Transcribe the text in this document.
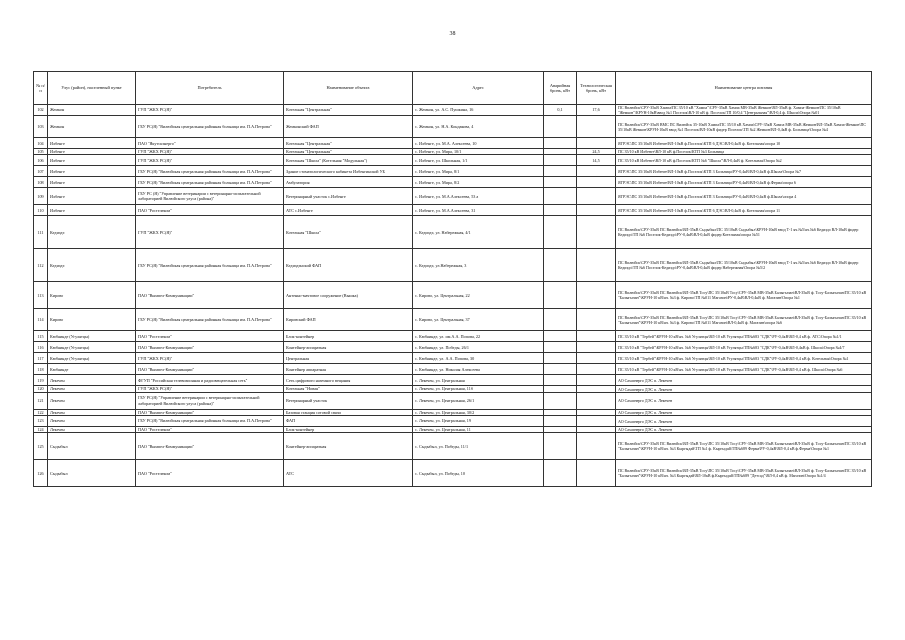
38
№ п/п	Улус (район), населенный пункт	Потребитель	Наименование объекта	Адрес	Аварийная бронь, кВт	Технологическая бронь, кВт	Наименование центра питания
102	Жемкон	ГУП "ЖКХ РС(Я)"	Котельная "Центральная"	с. Жемкон, ул. А.С. Пушкина, 16	0,1	17,6	ПС Вилюйск\СРУ-35кВ Хампа\ПС 35/10 кВ "Хампа"\СРУ-35кВ Хампа МВ-35кВ Жемкон\ВЛ-35кВ ф. Хампа-Жемкон\ПС 35/10кВ "Жемкон"\КРУН-10кВ\ввод №1 Поселок\ВЛ-10 кВ ф. Поселок\ТП 10/0,4 "Центральная"\ВЛ-0,4 ф. Школа\Опора №01
103	Жемкон	ГБУ РС(Я) "Вилюйская центральная районная больница им. П.А.Петрова"	Жемконский ФАП	с. Жемкон, ул. Н.А. Кондакова, 4			ПС Вилюйск\СРУ-35кВ ВМС ПС Вилюйск 35-10кВ Хампа\ПС 35/10 кВ Хампа\СРУ-35кВ Хампа МВ-35кВ Жемкон\ВЛ-35кВ Хампа-Жемкон\ПС 35/10кВ Жемкон\КРУН-10кВ ввод №1 Поселок\ВЛ-10кВ фидер Поселок\ТП №2 Жемкон\ВЛ-0,4кВ ф. Больница\Опора №4
104	Илбенге	ПАО "Якутскэнерго"	Котельная "Центральная"	с. Илбенге, ул. М.А. Алексеева, 10			ЯГРЭС\ПС 35/10кВ Илбенге\ВЛ-10кВ ф.Поселок\КТП 6 ДЭС\ВЛ-0,4кВ ф. Котельная\опора 10
105	Илбенге	ГУП "ЖКХ РС(Я)"	Котельная "Центральная"	с. Илбенге, ул. Мира, 10/1		24,5	ПС 35/10 кВ Илбенге\ВЛ-10 кВ ф.Поселок\КТП №3 Больница
106	Илбенге	ГУП "ЖКХ РС(Я)"	Котельная "Школа" (Котельная "Модульная")	с. Илбенге, ул. Школьная, 1/1		14,5	ПС 35/10 кВ Илбенге\ВЛ-10 кВ ф.Поселок\КТП №6 "Школа"\ВЛ-0,4кВ ф. Котельная\Опора №2
107	Илбенге	ГБУ РС(Я) "Вилюйская центральная районная больница им. П.А.Петрова"	Здание стоматологического кабинета Илбенгинской УБ	с. Илбенге, ул. Мира, 8/1			ЯГРЭС\ПС 35/10кВ Илбенге\ВЛ-10кВ ф.Поселок\КТП 3 Больница\РУ-0,4кВ\ВЛ-0,4кВ ф.Школа\Опора №7
108	Илбенге	ГБУ РС(Я) "Вилюйская центральная районная больница им. П.А.Петрова"	Амбулатория	с. Илбенге, ул. Мира, 8/2			ЯГРЭС\ПС 35/10кВ Илбенге\ВЛ-10кВ ф.Поселок\КТП 3 Больница\РУ-0,4кВ\ВЛ-0,4кВ ф.Ферма\опора 6
109	Илбенге	ГБУ РС (Я) "Управление ветеринарии с ветеринарно-испытательной лабораторией Вилюйского улуса (района)"	Ветеринарный участок с.Илбенге	с. Илбенге, ул. М.А.Алексеева, 53 а			ЯГРЭС\ПС 35/10кВ Илбенге\ВЛ-10кВ ф.Поселок\КТП 3 Больница\РУ-0,4кВ\ВЛ-0,4кВ ф.Школа\опора 4
110	Илбенге	ПАО "Ростелеком"	АТС с.Илбенге	с. Илбенге, ул. М.А.Алексеева, 31			ЯГРЭС\ПС 35/10кВ Илбенге\ВЛ-10кВ ф.Поселок\КТП 6 ДЭС\ВЛ-0,4кВ ф. Котельная\опора 11
111	Кедиэдэ	ГУП "ЖКХ РС(Я)"	Котельная "Школа"	с. Кедиэдэ, ул. Набережная, 4/1			ПС Вилюйск\СРУ-35кВ ПС Вилюйск\ВЛ-35кВ Сыдыбыл\ПС 35/10кВ Сыдыбыл\КРУН-10кВ ввод Т-1 яч.№5\яч.№6 Кедиэдэ ВЛ-10кВ фидер Кедиэдэ\ТП №6 Поселок-Кедиэдэ\РУ-0,4кВ\ВЛ-0,4кВ фидер Котельная\опора №51
112	Кедиэдэ	ГБУ РС(Я) "Вилюйская центральная районная больница им. П.А.Петрова"	Кедиэдэнский ФАП	с. Кедиэдэ, ул.Набережная, 3			ПС Вилюйск\СРУ-35кВ ПС Вилюйск\ВЛ-35кВ Сыдыбыл\ПС 35/10кВ Сыдыбыл\КРУН-10кВ ввод Т-1 яч.№5\яч.№6 Кедиэдэ ВЛ-10кВ фидер Кедиэдэ\ТП №6 Поселок-Кедиэдэ\РУ-0,4кВ\ВЛ-0,4кВ фидер Набережная\Опора №5/2
113	Кирово	ПАО "Вымпел-Коммуникации"	Антенно-мачтовое сооружение (Вышка)	с. Кирово, ул. Центральная, 22			ПС Вилюйск\СРУ-35кВ ПС Вилюйск\ВЛ-35кВ Тосу\ПС 35/10кВ Тосу\СРУ-35кВ МВ-35кВ Балыгычан\ВЛ-35кВ ф. Тосу-Балыгычан\ПС 35/10 кВ "Балыгычан"\КРУН-10 кВ\яч. №3 ф. Кирово\ТП №011 Магазин\РУ-0,4кВ\ВЛ-0,4кВ ф. Магазин\Опора №1
114	Кирово	ГБУ РС(Я) "Вилюйская центральная районная больница им. П.А.Петрова"	Кировский ФАП	с. Кирово, ул. Центральная, 37			ПС Вилюйск\СРУ-35кВ ПС Вилюйск\ВЛ-35кВ Тосу\ПС 35/10кВ Тосу\СРУ-35кВ МВ-35кВ Балыгычан\ВЛ-35кВ ф. Тосу-Балыгычан\ПС 35/10 кВ "Балыгычан"\КРУН-10 кВ\яч. №3 ф. Кирово\ТП №011 Магазин\ВЛ-0,4кВ ф. Магазин\опора №6
115	Кюбяинде (Угулятцы)	ПАО "Ростелеком"	Блок-контейнер	с. Кюбяинде, ул. им.А.А. Попова, 22			ПС 35/10 кВ "Тербей"\КРУН-10 кВ\яч. №6 Угулятцы\ВЛ-10 кВ Угулятцы\ТП№683 "СДК"\РУ-0,4кВ\ВЛ-0,4 кВ ф. АТС\Опора №1/1
116	Кюбяинде (Угулятцы)	ПАО "Вымпел-Коммуникации"	Контейнер-аппаратная	с. Кюбяинде, ул. Победы, 26/1			ПС 35/10 кВ "Тербей"\КРУН-10 кВ\яч. №6 Угулятцы\ВЛ-10 кВ Угулятцы\ТП№683 "СДК"\РУ-0,4кВ\ВЛ-0,4кВ ф. Школа\Опора №4/7
117	Кюбяинде (Угулятцы)	ГУП "ЖКХ РС(Я)"	Центральная	с. Кюбяинде, ул. А.А. Попова, 30			ПС 35/10 кВ "Тербей"\КРУН-10 кВ\яч. №6 Угулятцы\ВЛ-10 кВ Угулятцы\ТП№683 "СДК"\РУ-0,4кВ\ВЛ-0,4 кВ ф. Котельная\Опора №1
118	Кюбяинде	ПАО "Вымпел-Коммуникации"	Контейнер аппаратная	с. Кюбяинде, ул. Николая Алексеева			ПС 35/10 кВ "Тербей"\КРУН-10 кВ\яч. №6 Угулятцы\ВЛ-10 кВ Угулятцы\ТП№683 "СДК"\РУ-0,4кВ\ВЛ-0,4 кВ ф. Школа\Опора №6
119	Лекечен	ФГУП "Российская телевизионная и радиовещательная сеть"	Сеть цифрового наземного вещания	с. Лекечен, ул. Центральная			АО Сахаэнерго ДЭС п. Лекечен
120	Лекечен	ГУП "ЖКХ РС(Я)"	Котельная "Новая"	с. Лекечен, ул. Центральная, 11б			АО Сахаэнерго ДЭС п. Лекечен
121	Лекечен	ГБУ РС(Я) "Управление ветеринарии с ветеринарно-испытательной лабораторией Вилюйского улуса (района)"	Ветеринарный участок	с. Лекечен, ул. Центральная, 26/1			АО Сахаэнерго ДЭС п. Лекечен
122	Лекечен	ПАО "Вымпел-Коммуникации"	Базовая станция сотовой связи	с. Лекечен, ул. Центральная, 30/2			АО Сахаэнерго ДЭС п. Лекечен
123	Лекечен	ГБУ РС(Я) "Вилюйская центральная районная больница им. П.А.Петрова"	ФАП	с. Лекечен, ул. Центральная, 19			АО Сахаэнерго ДЭС п. Лекечен
124	Лекечен	ПАО "Ростелеком"	Блок-контейнер	с. Лекечен, ул. Центральная, 11			АО Сахаэнерго ДЭС п. Лекечен
125	Сыдыбыл	ПАО "Вымпел-Коммуникации"	Контейнер-аппаратная	с. Сыдыбыл, ул. Победы, 11/1			ПС Вилюйск\СРУ-35кВ ПС Вилюйск\ВЛ-35кВ Тосу\ПС 35/10кВ Тосу\СРУ-35кВ МВ-35кВ Балыгычан\ВЛ-35кВ ф. Тосу-Балыгычан\ПС 35/10 кВ "Балыгычан"\КРУН-10 кВ\яч. №3 Кыргыдай\ТП №1 ф. Кыргыдай\ТП№689 Ферма\РУ-0,4кВ\ВЛ-0,4 кВ ф.Ферма\Опора №1
126	Сыдыбыл	ПАО "Ростелеком"	АТС	с. Сыдыбыл, ул. Победы, 10			ПС Вилюйск\СРУ-35кВ ПС Вилюйск\ВЛ-35кВ Тосу\ПС 35/10кВ Тосу\СРУ-35кВ МВ-35кВ Балыгычан\ВЛ-35кВ ф. Тосу-Балыгычан\ПС 35/10 кВ "Балыгычан"\КРУН-10 кВ\яч. №3 Кыргыдай\ВЛ-10кВ ф.Кыргыдай\ТП№689 "Детсад"\ВЛ-0,4 кВ ф. Магазин\Опора №1/4
